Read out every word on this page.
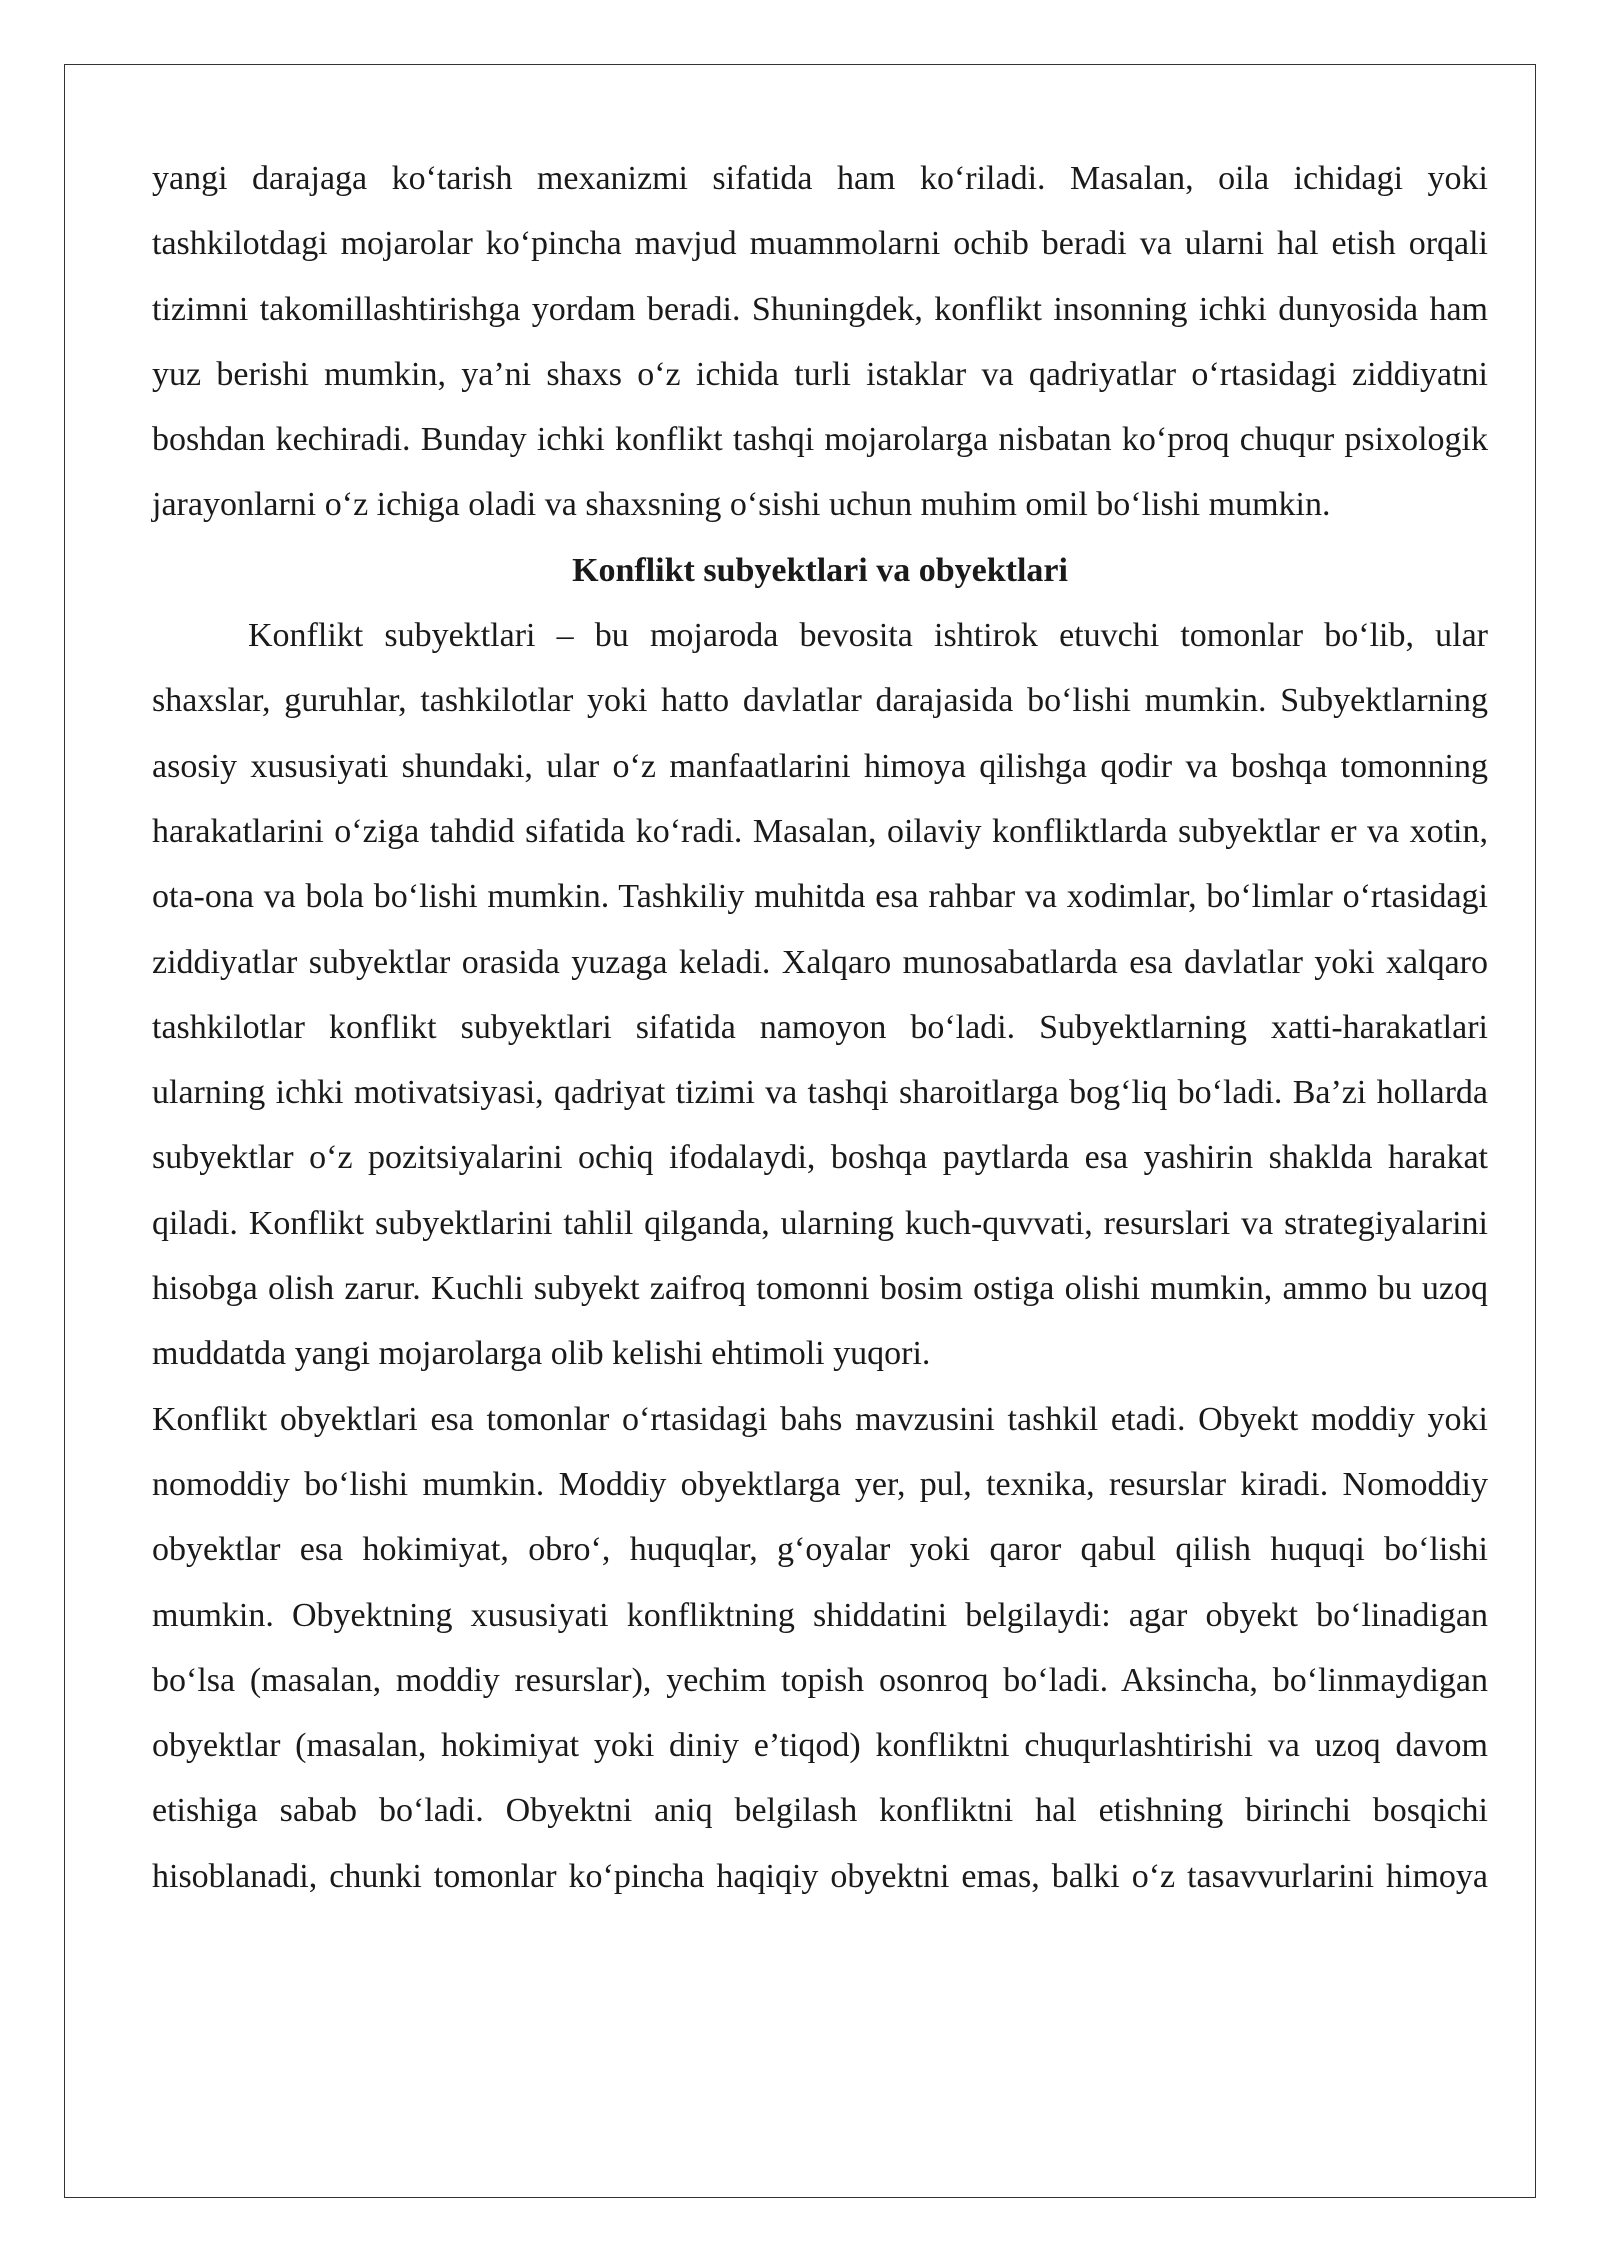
yangi darajaga ko‘tarish mexanizmi sifatida ham ko‘riladi. Masalan, oila ichidagi yoki tashkilotdagi mojarolar ko‘pincha mavjud muammolarni ochib beradi va ularni hal etish orqali tizimni takomillashtirishga yordam beradi. Shuningdek, konflikt insonning ichki dunyosida ham yuz berishi mumkin, ya’ni shaxs o‘z ichida turli istaklar va qadriyatlar o‘rtasidagi ziddiyatni boshdan kechiradi. Bunday ichki konflikt tashqi mojarolarga nisbatan ko‘proq chuqur psixologik jarayonlarni o‘z ichiga oladi va shaxsning o‘sishi uchun muhim omil bo‘lishi mumkin.

Konflikt subyektlari va obyektlari

Konflikt subyektlari – bu mojaroda bevosita ishtirok etuvchi tomonlar bo‘lib, ular shaxslar, guruhlar, tashkilotlar yoki hatto davlatlar darajasida bo‘lishi mumkin. Subyektlarning asosiy xususiyati shundaki, ular o‘z manfaatlarini himoya qilishga qodir va boshqa tomonning harakatlarini o‘ziga tahdid sifatida ko‘radi. Masalan, oilaviy konfliktlarda subyektlar er va xotin, ota-ona va bola bo‘lishi mumkin. Tashkiliy muhitda esa rahbar va xodimlar, bo‘limlar o‘rtasidagi ziddiyatlar subyektlar orasida yuzaga keladi. Xalqaro munosabatlarda esa davlatlar yoki xalqaro tashkilotlar konflikt subyektlari sifatida namoyon bo‘ladi. Subyektlarning xatti-harakatlari ularning ichki motivatsiyasi, qadriyat tizimi va tashqi sharoitlarga bog‘liq bo‘ladi. Ba’zi hollarda subyektlar o‘z pozitsiyalarini ochiq ifodalaydi, boshqa paytlarda esa yashirin shaklda harakat qiladi. Konflikt subyektlarini tahlil qilganda, ularning kuch-quvvati, resurslari va strategiyalarini hisobga olish zarur. Kuchli subyekt zaifroq tomonni bosim ostiga olishi mumkin, ammo bu uzoq muddatda yangi mojarolarga olib kelishi ehtimoli yuqori.

Konflikt obyektlari esa tomonlar o‘rtasidagi bahs mavzusini tashkil etadi. Obyekt moddiy yoki nomoddiy bo‘lishi mumkin. Moddiy obyektlarga yer, pul, texnika, resurslar kiradi. Nomoddiy obyektlar esa hokimiyat, obro‘, huquqlar, g‘oyalar yoki qaror qabul qilish huquqi bo‘lishi mumkin. Obyektning xususiyati konfliktning shiddatini belgilaydi: agar obyekt bo‘linadigan bo‘lsa (masalan, moddiy resurslar), yechim topish osonroq bo‘ladi. Aksincha, bo‘linmaydigan obyektlar (masalan, hokimiyat yoki diniy e’tiqod) konfliktni chuqurlashtirishi va uzoq davom etishiga sabab bo‘ladi. Obyektni aniq belgilash konfliktni hal etishning birinchi bosqichi hisoblanadi, chunki tomonlar ko‘pincha haqiqiy obyektni emas, balki o‘z tasavvurlarini himoya
